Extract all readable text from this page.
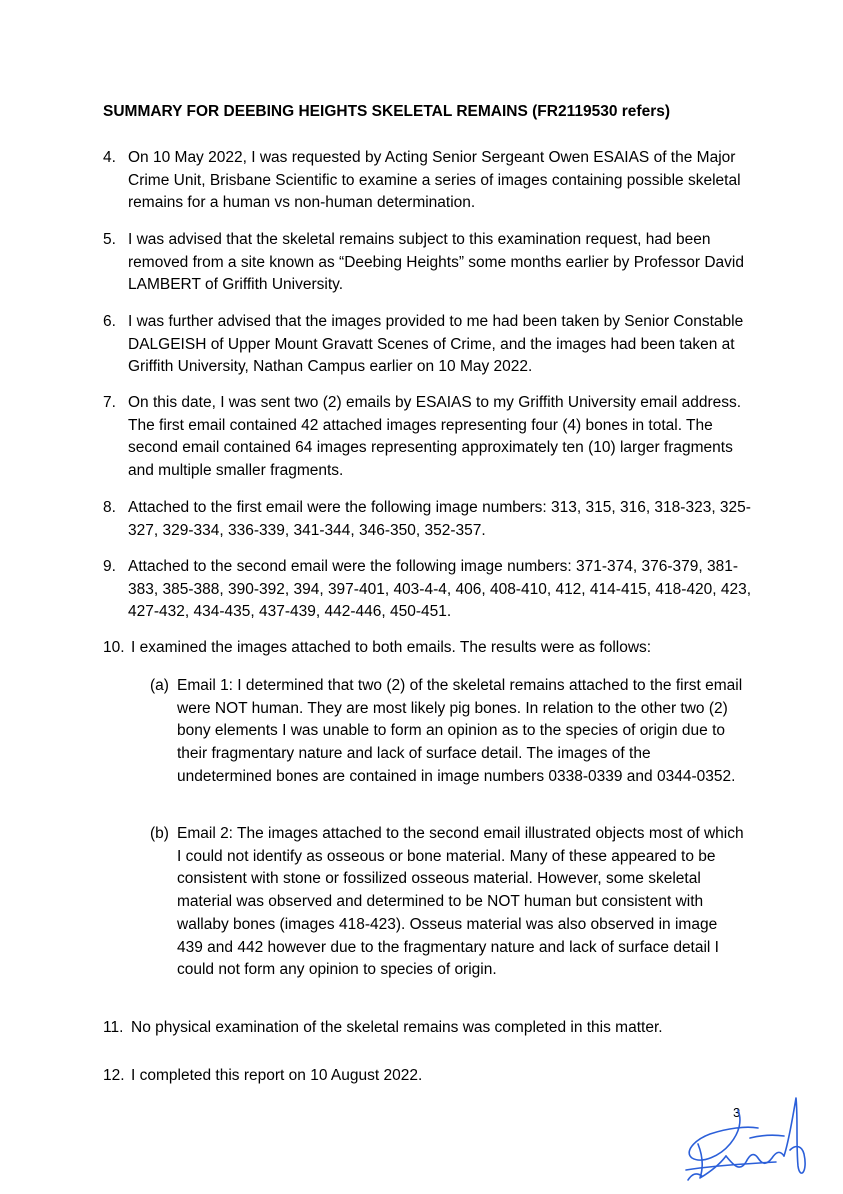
SUMMARY FOR DEEBING HEIGHTS SKELETAL REMAINS (FR2119530 refers)
4. On 10 May 2022, I was requested by Acting Senior Sergeant Owen ESAIAS of the Major Crime Unit, Brisbane Scientific to examine a series of images containing possible skeletal remains for a human vs non-human determination.
5. I was advised that the skeletal remains subject to this examination request, had been removed from a site known as “Deebing Heights” some months earlier by Professor David LAMBERT of Griffith University.
6. I was further advised that the images provided to me had been taken by Senior Constable DALGEISH of Upper Mount Gravatt Scenes of Crime, and the images had been taken at Griffith University, Nathan Campus earlier on 10 May 2022.
7. On this date, I was sent two (2) emails by ESAIAS to my Griffith University email address. The first email contained 42 attached images representing four (4) bones in total. The second email contained 64 images representing approximately ten (10) larger fragments and multiple smaller fragments.
8. Attached to the first email were the following image numbers: 313, 315, 316, 318-323, 325-327, 329-334, 336-339, 341-344, 346-350, 352-357.
9. Attached to the second email were the following image numbers: 371-374, 376-379, 381-383, 385-388, 390-392, 394, 397-401, 403-4-4, 406, 408-410, 412, 414-415, 418-420, 423, 427-432, 434-435, 437-439, 442-446, 450-451.
10. I examined the images attached to both emails. The results were as follows:
(a) Email 1: I determined that two (2) of the skeletal remains attached to the first email were NOT human. They are most likely pig bones. In relation to the other two (2) bony elements I was unable to form an opinion as to the species of origin due to their fragmentary nature and lack of surface detail. The images of the undetermined bones are contained in image numbers 0338-0339 and 0344-0352.
(b) Email 2: The images attached to the second email illustrated objects most of which I could not identify as osseous or bone material. Many of these appeared to be consistent with stone or fossilized osseous material. However, some skeletal material was observed and determined to be NOT human but consistent with wallaby bones (images 418-423). Osseus material was also observed in image 439 and 442 however due to the fragmentary nature and lack of surface detail I could not form any opinion to species of origin.
11. No physical examination of the skeletal remains was completed in this matter.
12. I completed this report on 10 August 2022.
3
